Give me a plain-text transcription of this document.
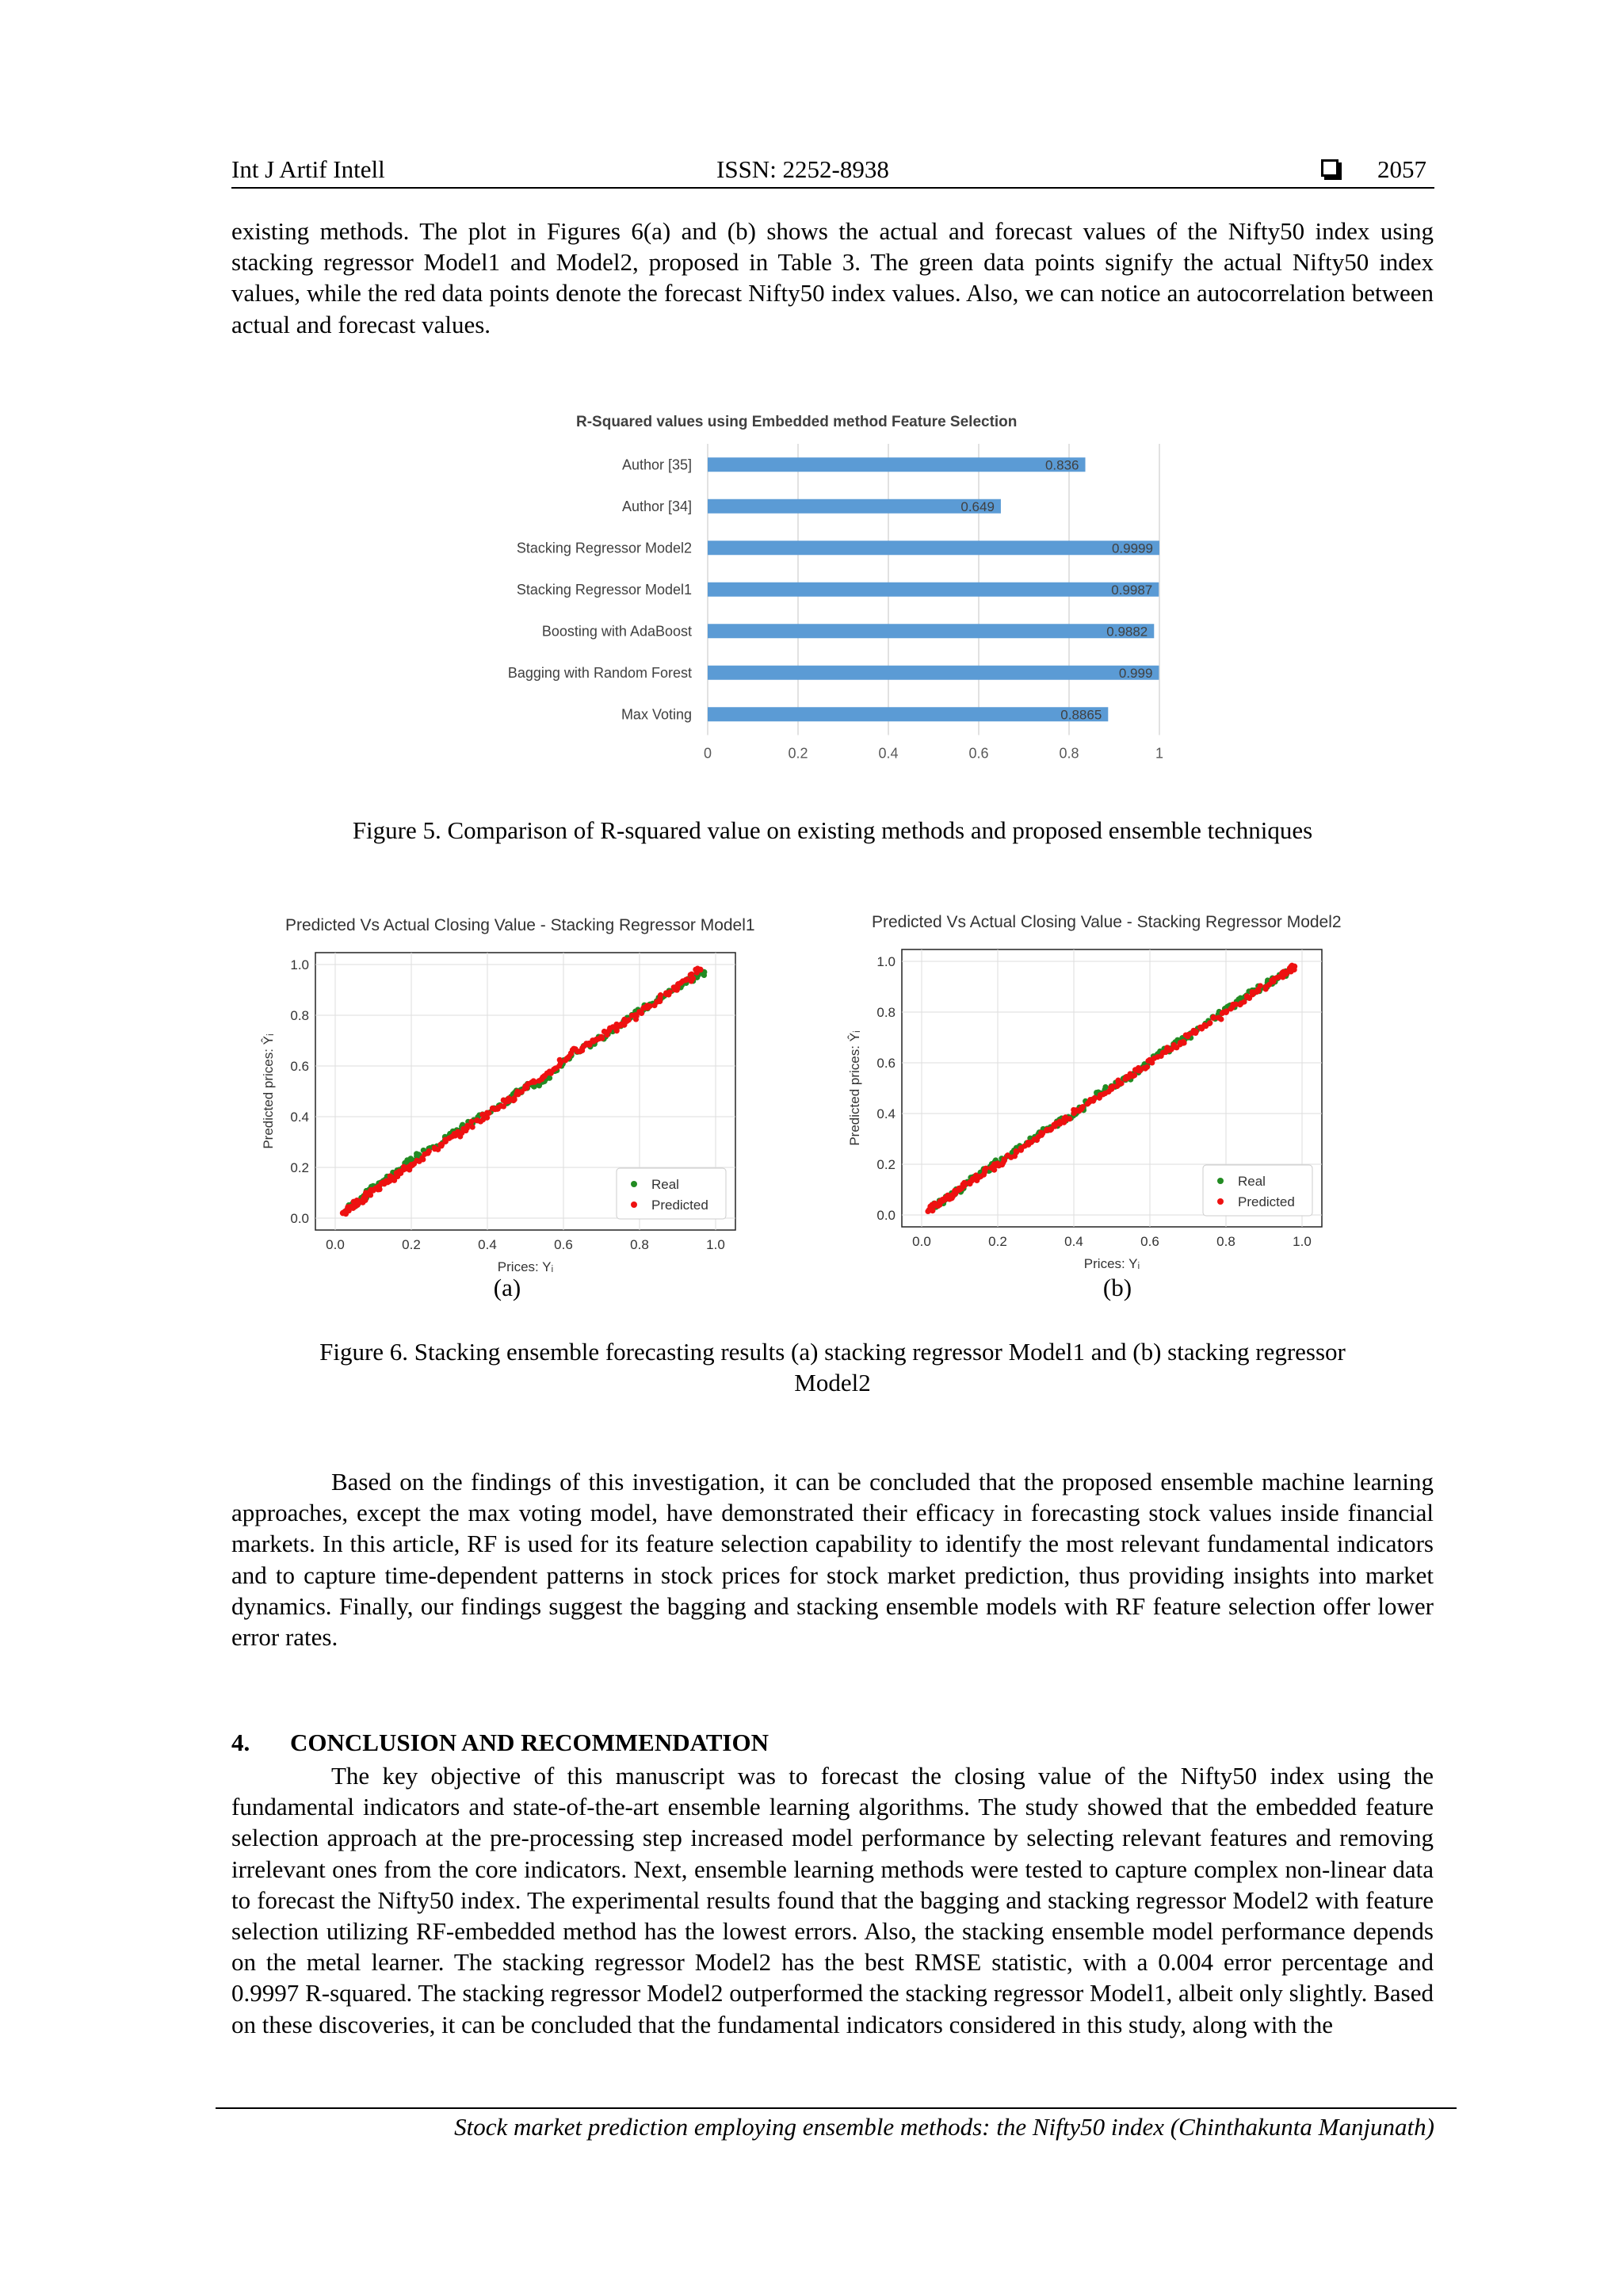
Int J Artif Intell	ISSN: 2252-8938	2057
existing methods. The plot in Figures 6(a) and (b) shows the actual and forecast values of the Nifty50 index using stacking regressor Model1 and Model2, proposed in Table 3. The green data points signify the actual Nifty50 index values, while the red data points denote the forecast Nifty50 index values. Also, we can notice an autocorrelation between actual and forecast values.
R-Squared values using Embedded method Feature Selection
Author [35]	0.836
Author [34]	0.649
Stacking Regressor Model2	0.9999
Stacking Regressor Model1	0.9987
Boosting with AdaBoost	0.9882
Bagging with Random Forest	0.999
Max Voting	0.8865
0	0.2	0.4	0.6	0.8	1
Figure 5. Comparison of R-squared value on existing methods and proposed ensemble techniques
Predicted Vs Actual Closing Value - Stacking Regressor Model1
0.0	0.2	0.4	0.6	0.8	1.0
0.0
0.2
0.4
0.6
0.8
1.0
Prices: Yᵢ
Predicted prices: Ŷᵢ
Real
Predicted
Predicted Vs Actual Closing Value - Stacking Regressor Model2
0.0	0.2	0.4	0.6	0.8	1.0
0.0
0.2
0.4
0.6
0.8
1.0
Prices: Yᵢ
Predicted prices: Ŷᵢ
Real
Predicted
(a)	(b)
Figure 6. Stacking ensemble forecasting results (a) stacking regressor Model1 and (b) stacking regressor
Model2
Based on the findings of this investigation, it can be concluded that the proposed ensemble machine learning approaches, except the max voting model, have demonstrated their efficacy in forecasting stock values inside financial markets. In this article, RF is used for its feature selection capability to identify the most relevant fundamental indicators and to capture time-dependent patterns in stock prices for stock market prediction, thus providing insights into market dynamics. Finally, our findings suggest the bagging and stacking ensemble models with RF feature selection offer lower error rates.
4. CONCLUSION AND RECOMMENDATION
The key objective of this manuscript was to forecast the closing value of the Nifty50 index using the fundamental indicators and state-of-the-art ensemble learning algorithms. The study showed that the embedded feature selection approach at the pre-processing step increased model performance by selecting relevant features and removing irrelevant ones from the core indicators. Next, ensemble learning methods were tested to capture complex non-linear data to forecast the Nifty50 index. The experimental results found that the bagging and stacking regressor Model2 with feature selection utilizing RF-embedded method has the lowest errors. Also, the stacking ensemble model performance depends on the metal learner. The stacking regressor Model2 has the best RMSE statistic, with a 0.004 error percentage and 0.9997 R-squared. The stacking regressor Model2 outperformed the stacking regressor Model1, albeit only slightly. Based on these discoveries, it can be concluded that the fundamental indicators considered in this study, along with the
Stock market prediction employing ensemble methods: the Nifty50 index (Chinthakunta Manjunath)
